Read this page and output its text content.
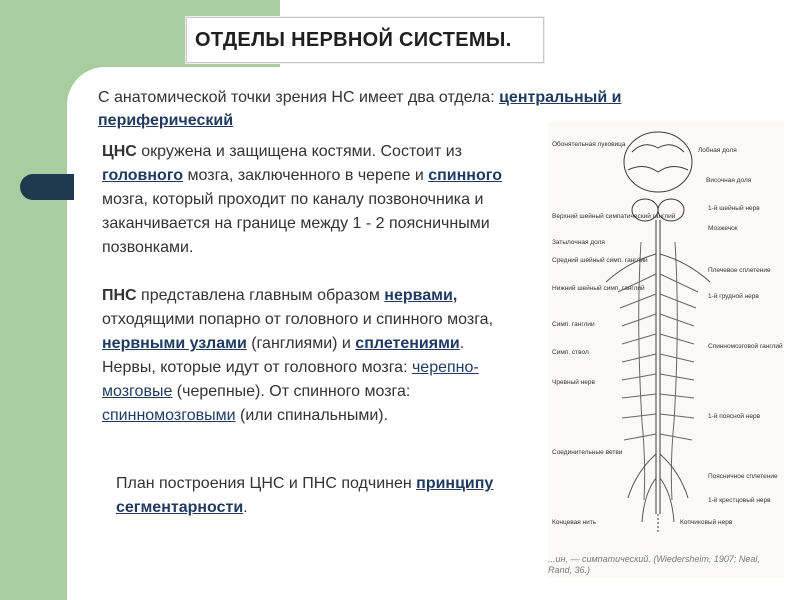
ОТДЕЛЫ НЕРВНОЙ СИСТЕМЫ.

С анатомической точки зрения НС имеет два отдела: центральный и периферический

ЦНС окружена и защищена костями. Состоит из головного мозга, заключенного в черепе и спинного мозга, который проходит по каналу позвоночника и заканчивается на границе между 1 - 2 поясничными позвонками.

ПНС представлена главным образом нервами, отходящими попарно от головного и спинного мозга, нервными узлами (ганглиями) и сплетениями.

Нервы, которые идут от головного мозга: черепно-мозговые (черепные). От спинного мозга: спинномозговыми (или спинальными).

План построения ЦНС и ПНС подчинен принципу сегментарности.

Обонятельная луковица
Верхний шейный симпатический ганглий
Затылочная доля
Средний шейный симп. ганглий
Нижний шейный симп. ганглий
Симп. ганглии
Симп. ствол
Чревный нерв
Соединительные ветви
Концевая нить
Лобная доля
Височная доля
1-й шейный нерв
Мозжечок
Плечевое сплетение
1-й грудной нерв
Спинномозговой ганглий
1-й поясной нерв
Поясничное сплетение
1-й крестцовый нерв
Копчиковый нерв
...ин, — симпатический. (Wiedersheim, 1907; Neal, Rand, 36.)
